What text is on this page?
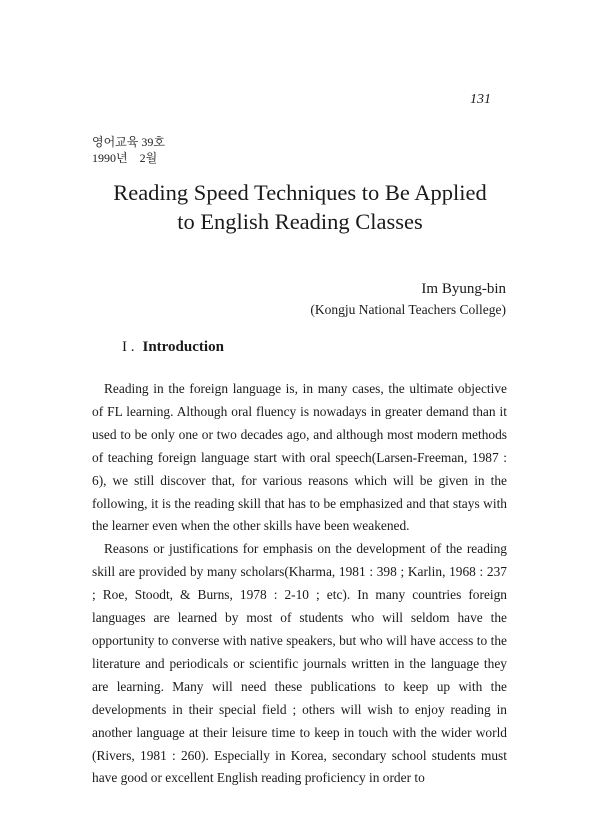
131
영어교육 39호
1990년    2월
Reading Speed Techniques to Be Applied
to English Reading Classes
Im Byung-bin
(Kongju National Teachers College)
I . Introduction

Reading in the foreign language is, in many cases, the ultimate objective of FL learning. Although oral fluency is nowadays in greater demand than it used to be only one or two decades ago, and although most modern methods of teaching foreign language start with oral speech(Larsen-Freeman, 1987 : 6), we still discover that, for various reasons which will be given in the following, it is the reading skill that has to be emphasized and that stays with the learner even when the other skills have been weakened.

Reasons or justifications for emphasis on the development of the reading skill are provided by many scholars(Kharma, 1981 : 398 ; Karlin, 1968 : 237 ; Roe, Stoodt, & Burns, 1978 : 2-10 ; etc). In many countries foreign languages are learned by most of students who will seldom have the opportunity to converse with native speakers, but who will have access to the literature and periodicals or scientific journals written in the language they are learning. Many will need these publications to keep up with the developments in their special field ; others will wish to enjoy reading in another language at their leisure time to keep in touch with the wider world (Rivers, 1981 : 260). Especially in Korea, secondary school students must have good or excellent English reading proficiency in order to
